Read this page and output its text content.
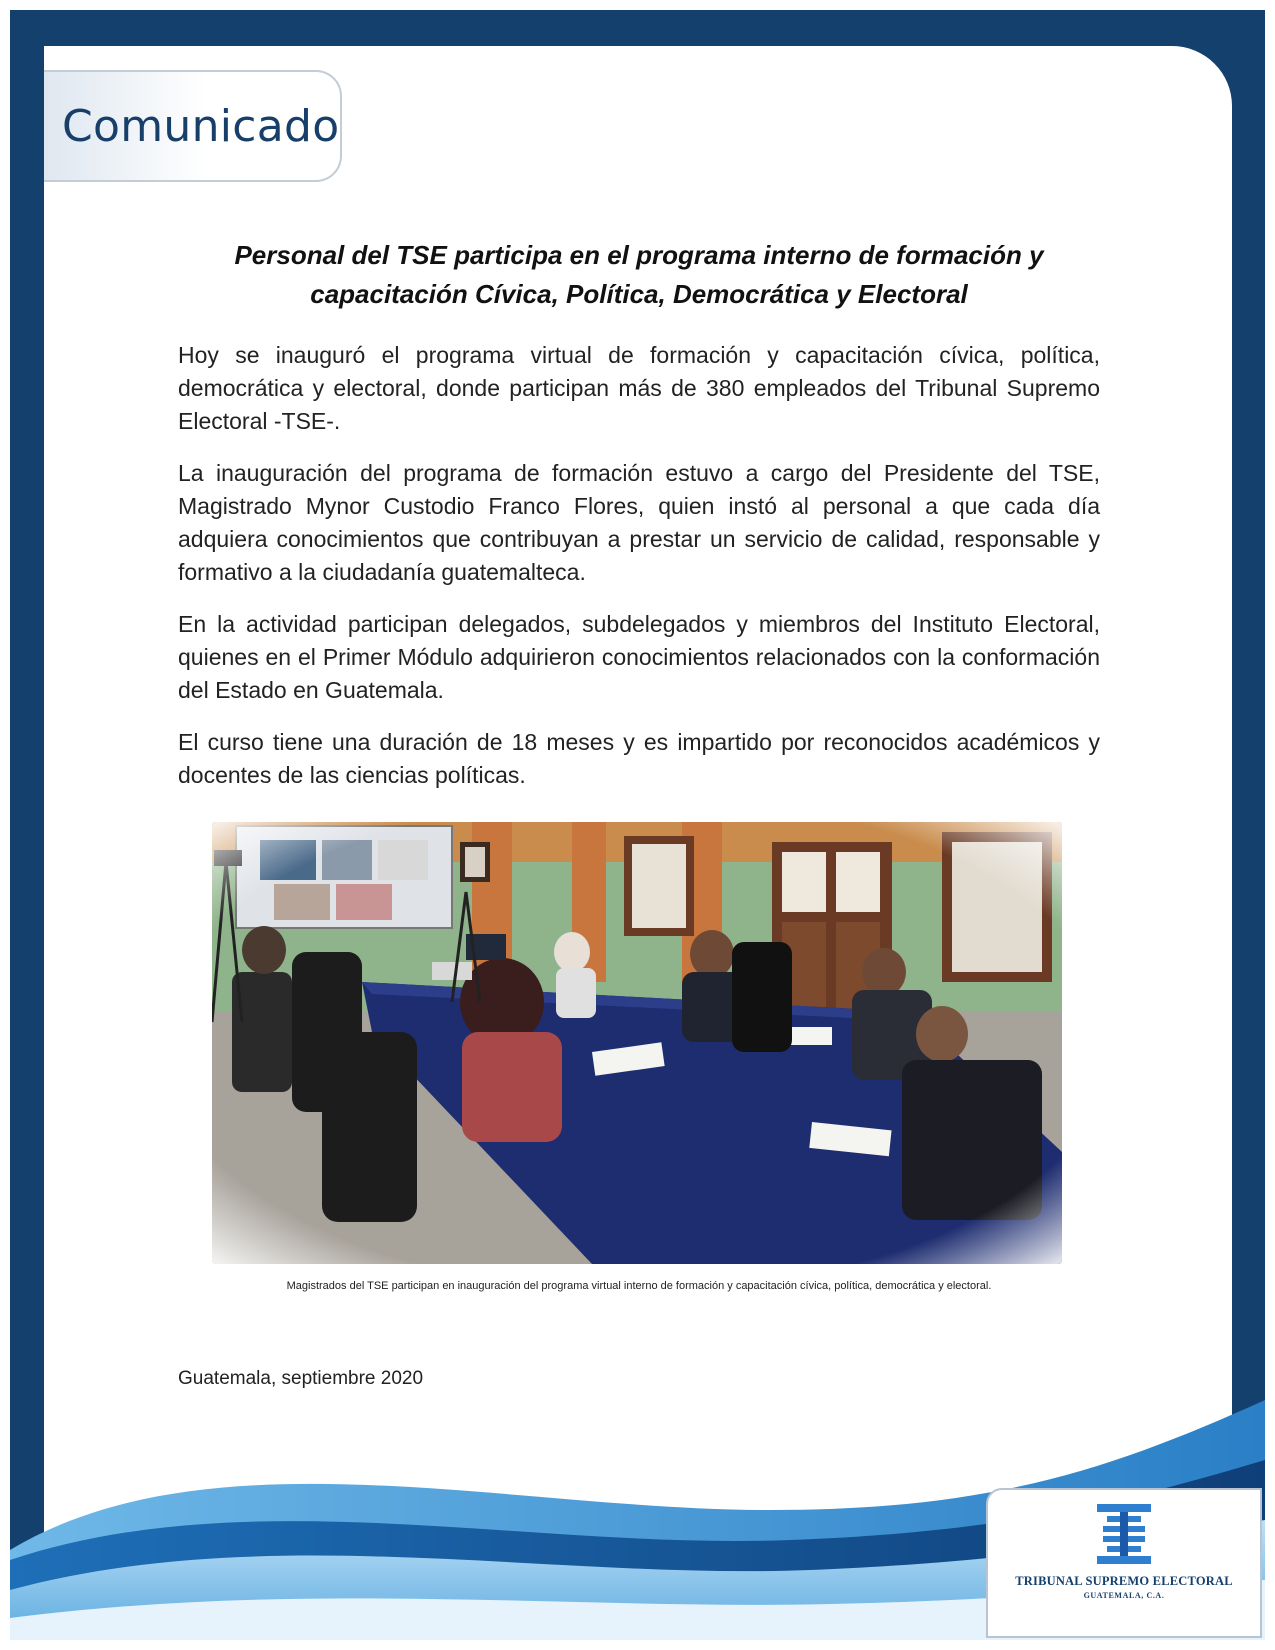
Comunicado
Personal del TSE participa en el programa interno de formación y capacitación Cívica, Política, Democrática y Electoral

Hoy se inauguró el programa virtual de formación y capacitación cívica, política, democrática y electoral, donde participan más de 380 empleados del Tribunal Supremo Electoral -TSE-.

La inauguración del programa de formación estuvo a cargo del Presidente del TSE, Magistrado Mynor Custodio Franco Flores, quien instó al personal a que cada día adquiera conocimientos que contribuyan a prestar un servicio de calidad, responsable y formativo a la ciudadanía guatemalteca.

En la actividad participan delegados, subdelegados y miembros del Instituto Electoral, quienes en el Primer Módulo adquirieron conocimientos relacionados con la conformación del Estado en Guatemala.

El curso tiene una duración de 18 meses y es impartido por reconocidos académicos y docentes de las ciencias políticas.

Magistrados del TSE participan en inauguración del programa virtual interno de formación y capacitación cívica, política, democrática y electoral.

Guatemala, septiembre 2020

TRIBUNAL SUPREMO ELECTORAL
GUATEMALA, C.A.
